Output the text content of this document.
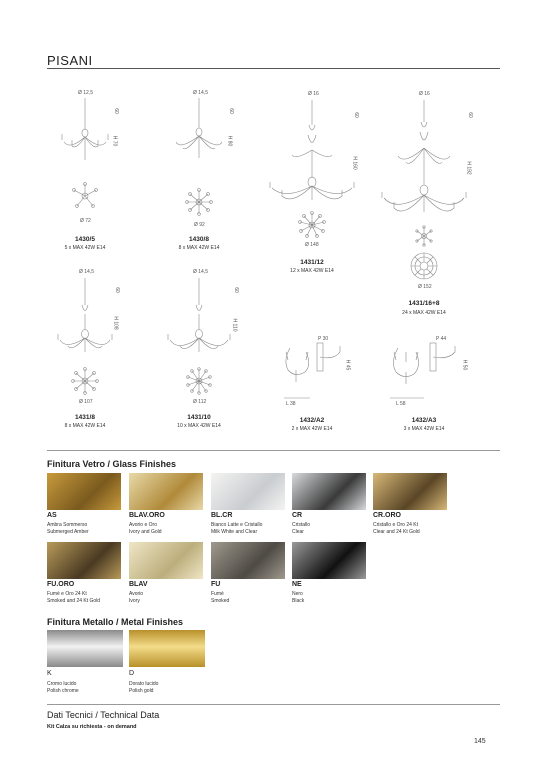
PISANI
Ø 12,5
60
H 70
Ø 72
Ø 14,5
60
H 80
Ø 92
Ø 16
60
H 160
Ø 148
Ø 16
60
H 192
Ø 152
Ø 14,5
60
H 108
Ø 107
Ø 14,5
60
H 110
Ø 112
P 30
H 45
L 38
P 44
H 50
L 58
1430/5
5 x MAX 42W E14
1430/8
8 x MAX 42W E14
1431/12
12 x MAX 42W E14
1431/16+8
24 x MAX 42W E14
1431/8
8 x MAX 42W E14
1431/10
10 x MAX 42W E14
1432/A2
2 x MAX 42W E14
1432/A3
3 x MAX 42W E14
Finitura Vetro / Glass Finishes
Finitura Metallo / Metal Finishes
Dati Tecnici / Technical Data
Kit Calza su richiesta - on demand
145
AS
Ambra Sommerso
Submerged Amber
BLAV.ORO
Avorio e Oro
Ivory and Gold
BL.CR
Bianco Latte e Cristallo
Milk White and Clear
CR
Cristallo
Clear
CR.ORO
Cristallo e Oro 24 Kt
Clear and 24 Kt Gold
FU.ORO
Fumè e Oro 24 Kt
Smoked and 24 Kt Gold
BLAV
Avorio
Ivory
FU
Fumè
Smoked
NE
Nero
Black
K
Cromo lucido
Polish chrome
D
Dorato lucido
Polish gold
